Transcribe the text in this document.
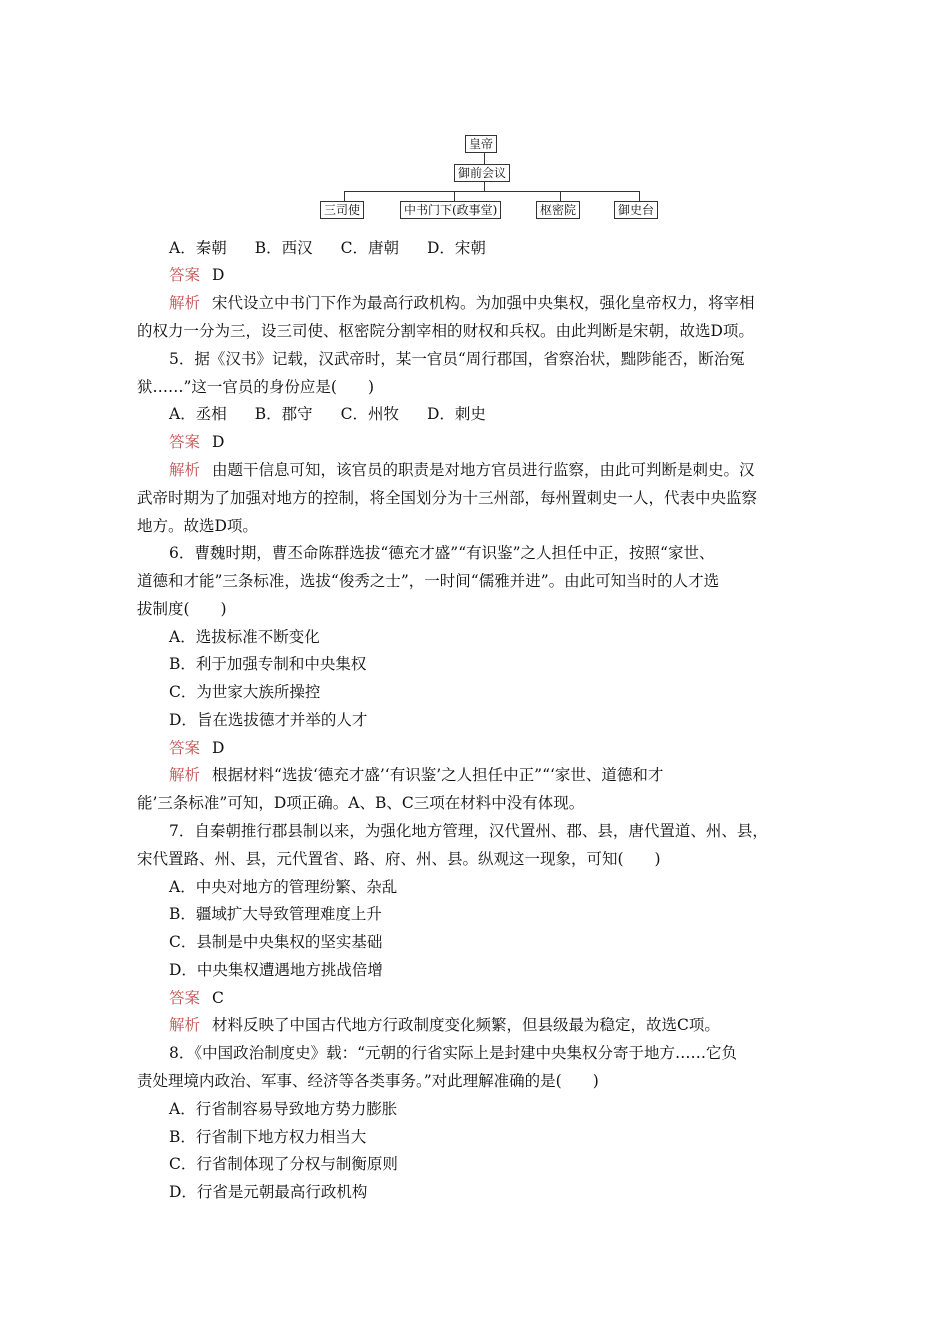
皇帝
御前会议
三司使	中书门下(政事堂)	枢密院	御史台
A．秦朝 B．西汉 C．唐朝 D．宋朝
答案 D
解析 宋代设立中书门下作为最高行政机构。为加强中央集权，强化皇帝权力，将宰相
的权力一分为三，设三司使、枢密院分割宰相的财权和兵权。由此判断是宋朝，故选D项。
5．据《汉书》记载，汉武帝时，某一官员“周行郡国，省察治状，黜陟能否，断治冤
狱……”这一官员的身份应是(　　)
A．丞相 B．郡守 C．州牧 D．刺史
答案 D
解析 由题干信息可知，该官员的职责是对地方官员进行监察，由此可判断是刺史。汉
武帝时期为了加强对地方的控制，将全国划分为十三州部，每州置刺史一人，代表中央监察
地方。故选D项。
6．曹魏时期，曹丕命陈群选拔“德充才盛”“有识鉴”之人担任中正，按照“家世、
道德和才能”三条标准，选拔“俊秀之士”，一时间“儒雅并进”。由此可知当时的人才选
拔制度(　　)
A．选拔标准不断变化
B．利于加强专制和中央集权
C．为世家大族所操控
D．旨在选拔德才并举的人才
答案 D
解析 根据材料“选拔‘德充才盛’‘有识鉴’之人担任中正”“‘家世、道德和才
能’三条标准”可知，D项正确。A、B、C三项在材料中没有体现。
7．自秦朝推行郡县制以来，为强化地方管理，汉代置州、郡、县，唐代置道、州、县，
宋代置路、州、县，元代置省、路、府、州、县。纵观这一现象，可知(　　)
A．中央对地方的管理纷繁、杂乱
B．疆域扩大导致管理难度上升
C．县制是中央集权的坚实基础
D．中央集权遭遇地方挑战倍增
答案 C
解析 材料反映了中国古代地方行政制度变化频繁，但县级最为稳定，故选C项。
8．《中国政治制度史》载：“元朝的行省实际上是封建中央集权分寄于地方……它负
责处理境内政治、军事、经济等各类事务。”对此理解准确的是(　　)
A．行省制容易导致地方势力膨胀
B．行省制下地方权力相当大
C．行省制体现了分权与制衡原则
D．行省是元朝最高行政机构
